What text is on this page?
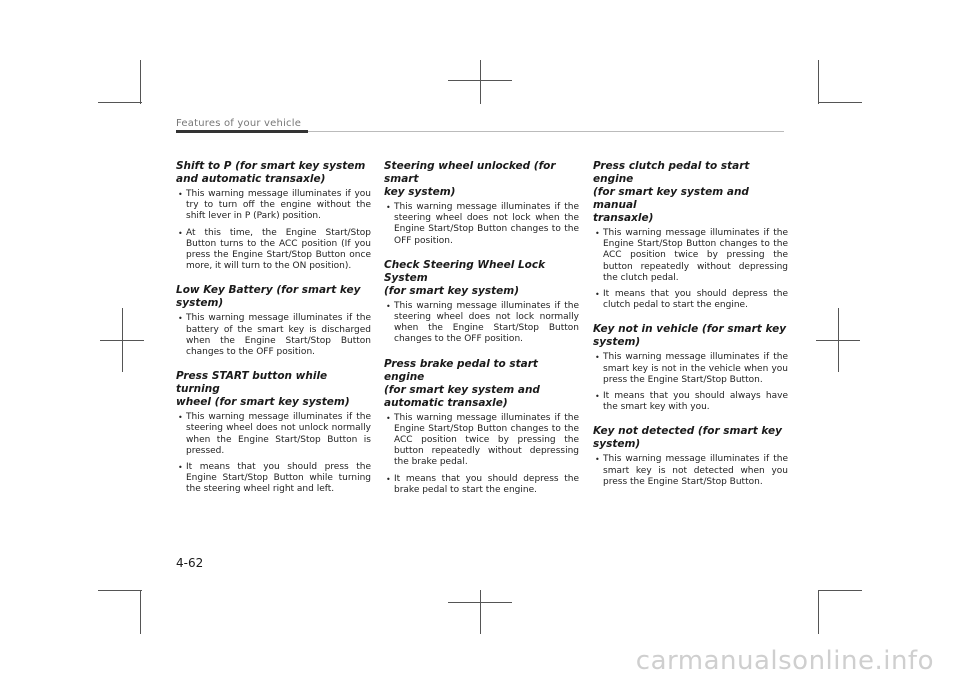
Features of your vehicle
Shift to P (for smart key system
and automatic transaxle)
• This warning message illuminates if you try to turn off the engine without the shift lever in P (Park) position.
• At this time, the Engine Start/Stop Button turns to the ACC position (If you press the Engine Start/Stop Button once more, it will turn to the ON position).
Low Key Battery (for smart key
system)
• This warning message illuminates if the battery of the smart key is discharged when the Engine Start/Stop Button changes to the OFF position.
Press START button while turning
wheel (for smart key system)
• This warning message illuminates if the steering wheel does not unlock normally when the Engine Start/Stop Button is pressed.
• It means that you should press the Engine Start/Stop Button while turning the steering wheel right and left.
Steering wheel unlocked (for smart
key system)
• This warning message illuminates if the steering wheel does not lock when the Engine Start/Stop Button changes to the OFF position.
Check Steering Wheel Lock System
(for smart key system)
• This warning message illuminates if the steering wheel does not lock normally when the Engine Start/Stop Button changes to the OFF position.
Press brake pedal to start engine
(for smart key system and
automatic transaxle)
• This warning message illuminates if the Engine Start/Stop Button changes to the ACC position twice by pressing the button repeatedly without depressing the brake pedal.
• It means that you should depress the brake pedal to start the engine.
Press clutch pedal to start engine
(for smart key system and manual
transaxle)
• This warning message illuminates if the Engine Start/Stop Button changes to the ACC position twice by pressing the button repeatedly without depressing the clutch pedal.
• It means that you should depress the clutch pedal to start the engine.
Key not in vehicle (for smart key
system)
• This warning message illuminates if the smart key is not in the vehicle when you press the Engine Start/Stop Button.
• It means that you should always have the smart key with you.
Key not detected (for smart key
system)
• This warning message illuminates if the smart key is not detected when you press the Engine Start/Stop Button.
4-62
carmanualsonline.info
